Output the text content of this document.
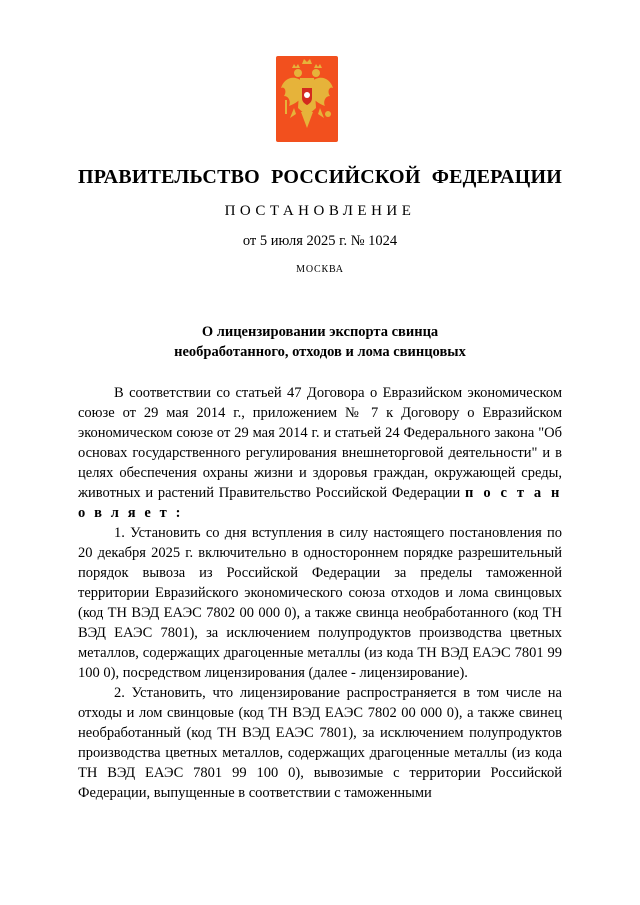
ПРАВИТЕЛЬСТВО РОССИЙСКОЙ ФЕДЕРАЦИИ
ПОСТАНОВЛЕНИЕ
от 5 июля 2025 г. № 1024
МОСКВА
О лицензировании экспорта свинца
необработанного, отходов и лома свинцовых

В соответствии со статьей 47 Договора о Евразийском экономическом союзе от 29 мая 2014 г., приложением № 7 к Договору о Евразийском экономическом союзе от 29 мая 2014 г. и статьей 24 Федерального закона "Об основах государственного регулирования внешнеторговой деятельности" и в целях обеспечения охраны жизни и здоровья граждан, окружающей среды, животных и растений Правительство Российской Федерации п о с т а н о в л я е т :

1. Установить со дня вступления в силу настоящего постановления по 20 декабря 2025 г. включительно в одностороннем порядке разрешительный порядок вывоза из Российской Федерации за пределы таможенной территории Евразийского экономического союза отходов и лома свинцовых (код ТН ВЭД ЕАЭС 7802 00 000 0), а также свинца необработанного (код ТН ВЭД ЕАЭС 7801), за исключением полупродуктов производства цветных металлов, содержащих драгоценные металлы (из кода ТН ВЭД ЕАЭС 7801 99 100 0), посредством лицензирования (далее - лицензирование).

2. Установить, что лицензирование распространяется в том числе на отходы и лом свинцовые (код ТН ВЭД ЕАЭС 7802 00 000 0), а также свинец необработанный (код ТН ВЭД ЕАЭС 7801), за исключением полупродуктов производства цветных металлов, содержащих драгоценные металлы (из кода ТН ВЭД ЕАЭС 7801 99 100 0), вывозимые с территории Российской Федерации, выпущенные в соответствии с таможенными
